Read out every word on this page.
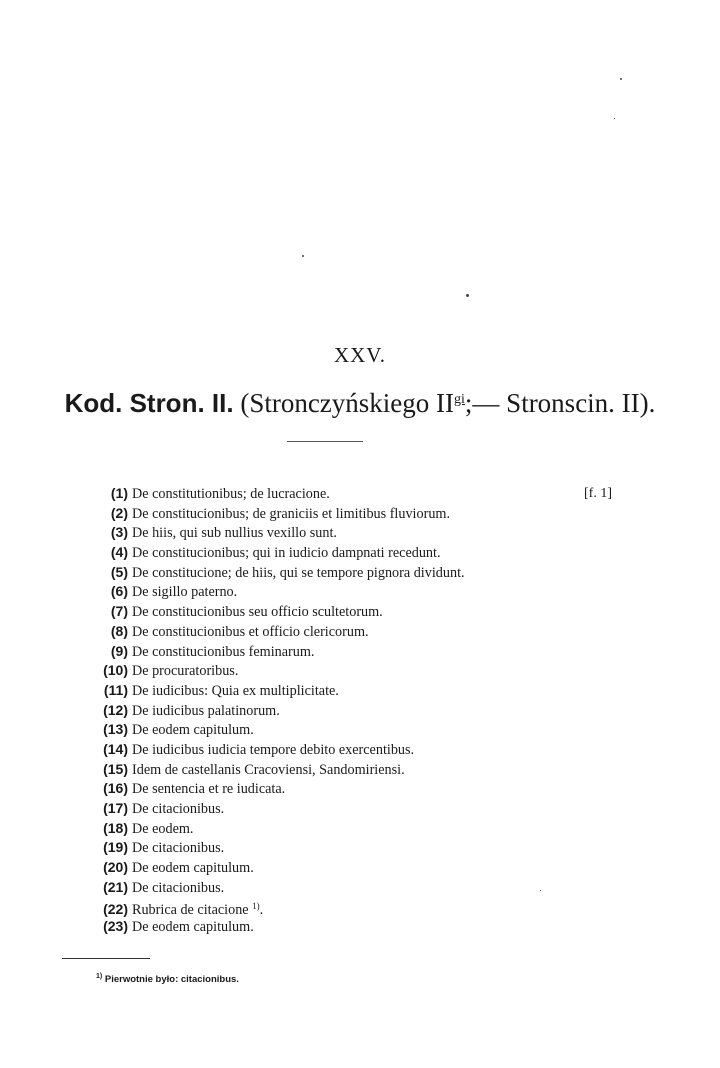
XXV.
Kod. Stron. II. (Stronczyńskiego $II^{gi};—$ Stronscin. II).
(1) De constitutionibus; de lucracione.	[f. 1]
(2) De constitucionibus; de graniciis et limitibus fluviorum.
(3) De hiis, qui sub nullius vexillo sunt.
(4) De constitucionibus; qui in iudicio dampnati recedunt.
(5) De constitucione; de hiis, qui se tempore pignora dividunt.
(6) De sigillo paterno.
(7) De constitucionibus seu officio scultetorum.
(8) De constitucionibus et officio clericorum.
(9) De constitucionibus feminarum.
(10) De procuratoribus.
(11) De iudicibus: Quia ex multiplicitate.
(12) De iudicibus palatinorum.
(13) De eodem capitulum.
(14) De iudicibus iudicia tempore debito exercentibus.
(15) Idem de castellanis Cracoviensi, Sandomiriensi.
(16) De sentencia et re iudicata.
(17) De citacionibus.
(18) De eodem.
(19) De citacionibus.
(20) De eodem capitulum.
(21) De citacionibus.
(22) Rubrica de citacione $^{1)}$.
(23) De eodem capitulum.
$^{1)}$ Pierwotnie było: citacionibus.
